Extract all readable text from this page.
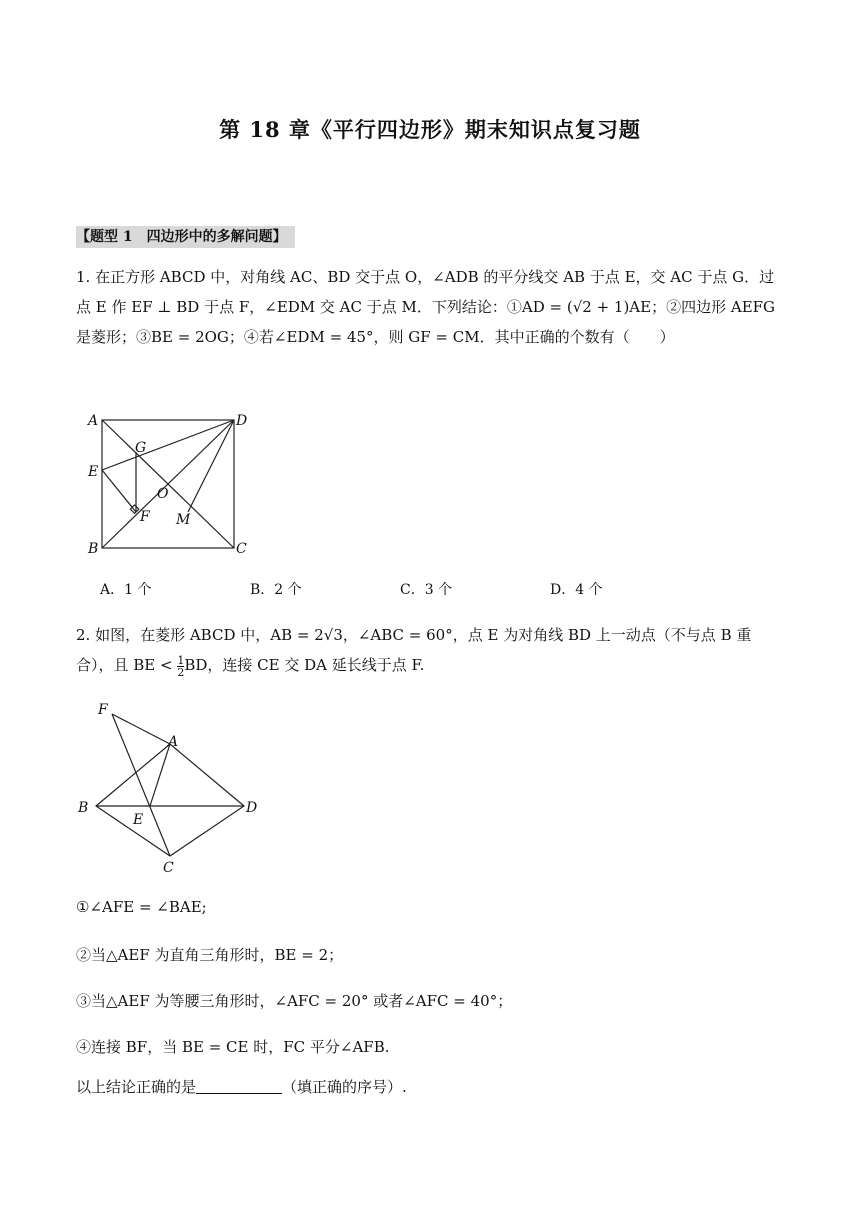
第 18 章《平行四边形》期末知识点复习题
【题型 1　四边形中的多解问题】
1. 在正方形 ABCD 中，对角线 AC、BD 交于点 O，∠ADB 的平分线交 AB 于点 E，交 AC 于点 G．过点 E 作 EF ⊥ BD 于点 F，∠EDM 交 AC 于点 M．下列结论：①AD = (√2 + 1)AE；②四边形 AEFG 是菱形；③BE = 2OG；④若∠EDM = 45°，则 GF = CM．其中正确的个数有（　　）
A	D
G
E
O
F M
B	C
A．1 个	B．2 个	C．3 个	D．4 个
2. 如图，在菱形 ABCD 中，AB = 2√3，∠ABC = 60°，点 E 为对角线 BD 上一动点（不与点 B 重合），且 BE < $\frac{1}{2}$ BD，连接 CE 交 DA 延长线于点 F.
F
A
B
E
D
C
①∠AFE = ∠BAE;
②当△AEF 为直角三角形时，BE = 2；
③当△AEF 为等腰三角形时，∠AFC = 20° 或者∠AFC = 40°；
④连接 BF，当 BE = CE 时，FC 平分∠AFB.
以上结论正确的是	（填正确的序号）.
